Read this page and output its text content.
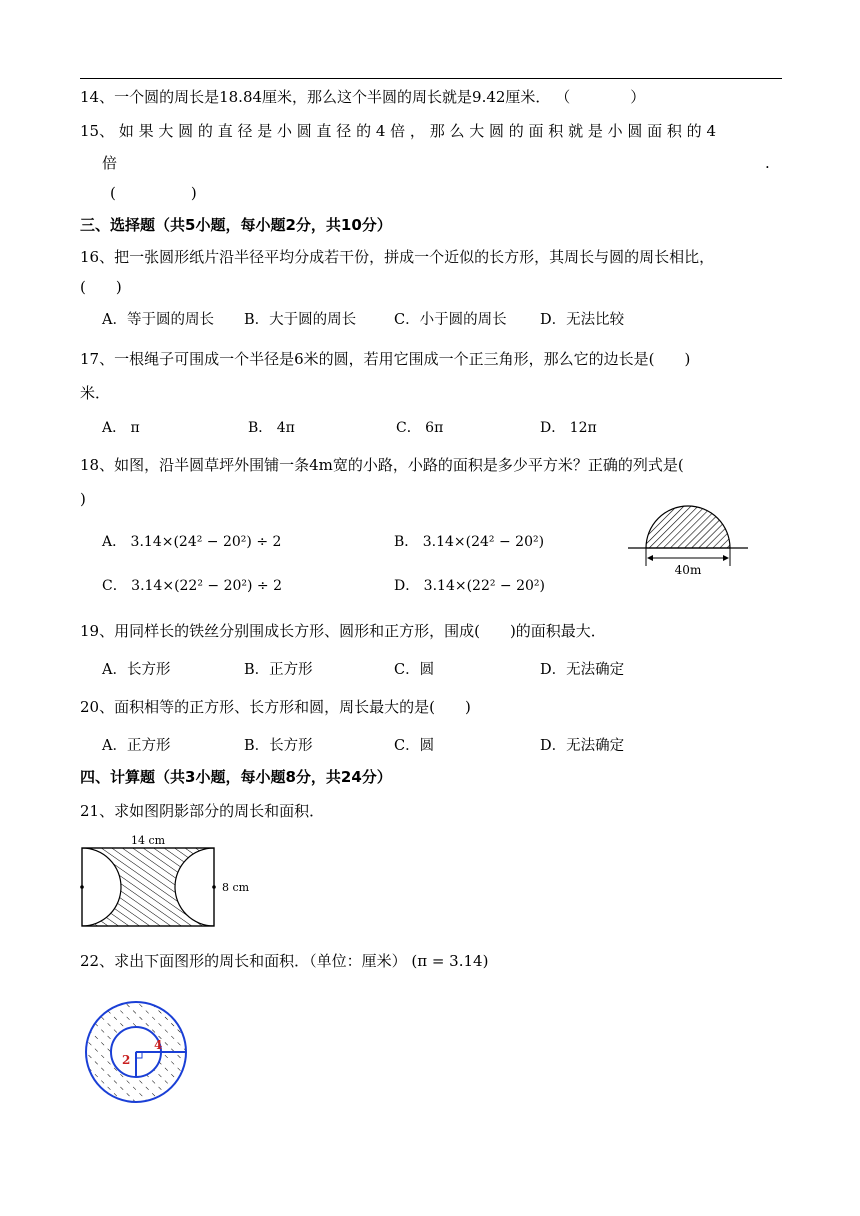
14、一个圆的周长是18.84厘米，那么这个半圆的周长就是9.42厘米． （　　　　）
15、 如 果 大 圆 的 直 径 是 小 圆 直 径 的 4 倍 ， 那 么 大 圆 的 面 积 就 是 小 圆 面 积 的 4
倍	.
(　　　　　)
三、选择题（共5小题，每小题2分，共10分）
16、把一张圆形纸片沿半径平均分成若干份，拼成一个近似的长方形，其周长与圆的周长相比，
(　　)
A．等于圆的周长 B．大于圆的周长	C．小于圆的周长 D．无法比较
17、一根绳子可围成一个半径是6米的圆，若用它围成一个正三角形，那么它的边长是(　　)
米．
A． π	C． 6π
B． 4π	D． 12π
18、如图，沿半圆草坪外围铺一条4m宽的小路，小路的面积是多少平方米？正确的列式是(
)
A． 3.14×(24² − 20²) ÷ 2	B． 3.14×(24² − 20²)
C． 3.14×(22² − 20²) ÷ 2	D． 3.14×(22² − 20²)
40m
19、用同样长的铁丝分别围成长方形、圆形和正方形，围成(　　)的面积最大．
A．长方形	B．正方形	C．圆	D．无法确定
20、面积相等的正方形、长方形和圆，周长最大的是(　　)
A．正方形	B．长方形	C．圆	D．无法确定
四、计算题（共3小题，每小题8分，共24分）
21、求如图阴影部分的周长和面积．
14 cm
8 cm
22、求出下面图形的周长和面积．（单位：厘米） (π = 3.14)
2
4
